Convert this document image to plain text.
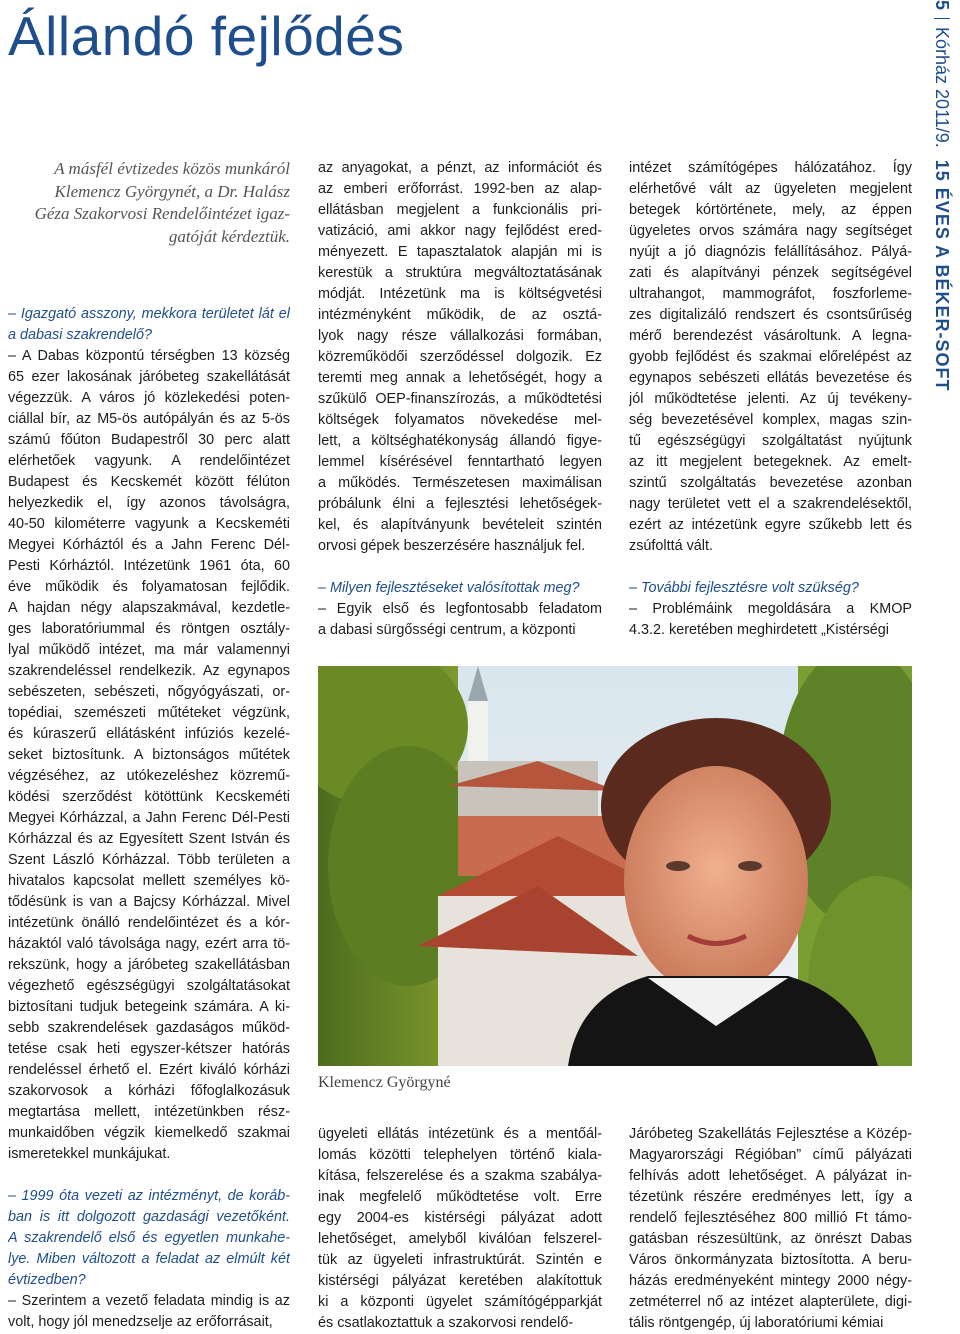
Állandó fejlődés	5Kórház 2011/9.15 ÉVES A BÉKER-SOFT
A másfél évtizedes közös munkáról
Klemencz Györgynét, a Dr. Halász
Géza Szakorvosi Rendelőintézet igaz-
gatóját kérdeztük.
– Igazgató asszony, mekkora területet lát el
a dabasi szakrendelő?
– A Dabas központú térségben 13 község
65 ezer lakosának járóbeteg szakellátását
végezzük. A város jó közlekedési poten-
ciállal bír, az M5-ös autópályán és az 5-ös
számú főúton Budapestről 30 perc alatt
elérhetőek vagyunk. A rendelőintézet
Budapest és Kecskemét között félúton
helyezkedik el, így azonos távolságra,
40-50 kilométerre vagyunk a Kecskeméti
Megyei Kórháztól és a Jahn Ferenc Dél-
Pesti Kórháztól. Intézetünk 1961 óta, 60
éve működik és folyamatosan fejlődik.
A hajdan négy alapszakmával, kezdetle-
ges laboratóriummal és röntgen osztály-
lyal működő intézet, ma már valamennyi
szakrendeléssel rendelkezik. Az egynapos
sebészeten, sebészeti, nőgyógyászati, or-
topédiai, szemészeti műtéteket végzünk,
és kúraszerű ellátásként infúziós kezelé-
seket biztosítunk. A biztonságos műtétek
végzéséhez, az utókezeléshez közremű-
ködési szerződést kötöttünk Kecskeméti
Megyei Kórházzal, a Jahn Ferenc Dél-Pesti
Kórházzal és az Egyesített Szent István és
Szent László Kórházzal. Több területen a
hivatalos kapcsolat mellett személyes kö-
tődésünk is van a Bajcsy Kórházzal. Mivel
intézetünk önálló rendelőintézet és a kór-
házaktól való távolsága nagy, ezért arra tö-
rekszünk, hogy a járóbeteg szakellátásban
végezhető egészségügyi szolgáltatásokat
biztosítani tudjuk betegeink számára. A ki-
sebb szakrendelések gazdaságos működ-
tetése csak heti egyszer-kétszer hatórás
rendeléssel érhető el. Ezért kiváló kórházi
szakorvosok a kórházi főfoglalkozásuk
megtartása mellett, intézetünkben rész-
munkaidőben végzik kiemelkedő szakmai
ismeretekkel munkájukat.
– 1999 óta vezeti az intézményt, de koráb-
ban is itt dolgozott gazdasági vezetőként.
A szakrendelő első és egyetlen munkahe-
lye. Miben változott a feladat az elmúlt két
évtizedben?
– Szerintem a vezető feladata mindig is az
volt, hogy jól menedzselje az erőforrásait,
az anyagokat, a pénzt, az információt és
az emberi erőforrást. 1992-ben az alap-
ellátásban megjelent a funkcionális pri-
vatizáció, ami akkor nagy fejlődést ered-
ményezett. E tapasztalatok alapján mi is
kerestük a struktúra megváltoztatásának
módját. Intézetünk ma is költségvetési
intézményként működik, de az osztá-
lyok nagy része vállalkozási formában,
közreműködői szerződéssel dolgozik. Ez
teremti meg annak a lehetőségét, hogy a
szűkülő OEP-finanszírozás, a működtetési
költségek folyamatos növekedése mel-
lett, a költséghatékonyság állandó figye-
lemmel kísérésével fenntartható legyen
a működés. Természetesen maximálisan
próbálunk élni a fejlesztési lehetőségek-
kel, és alapítványunk bevételeit szintén
orvosi gépek beszerzésére használjuk fel.
– Milyen fejlesztéseket valósítottak meg?
– Egyik első és legfontosabb feladatom
a dabasi sürgősségi centrum, a központi
ügyeleti ellátás intézetünk és a mentőál-
lomás közötti telephelyen történő kiala-
kítása, felszerelése és a szakma szabálya-
inak megfelelő működtetése volt. Erre
egy 2004-es kistérségi pályázat adott
lehetőséget, amelyből kiválóan felszerel-
tük az ügyeleti infrastruktúrát. Szintén e
kistérségi pályázat keretében alakítottuk
ki a központi ügyelet számítógépparkját
és csatlakoztattuk a szakorvosi rendelő-
intézet számítógépes hálózatához. Így
elérhetővé vált az ügyeleten megjelent
betegek kórtörténete, mely, az éppen
ügyeletes orvos számára nagy segítséget
nyújt a jó diagnózis felállításához. Pályá-
zati és alapítványi pénzek segítségével
ultrahangot, mammográfot, foszforleme-
zes digitalizáló rendszert és csontsűrűség
mérő berendezést vásároltunk. A legna-
gyobb fejlődést és szakmai előrelépést az
egynapos sebészeti ellátás bevezetése és
jól működtetése jelenti. Az új tevékeny-
ség bevezetésével komplex, magas szin-
tű egészségügyi szolgáltatást nyújtunk
az itt megjelent betegeknek. Az emelt-
szintű szolgáltatás bevezetése azonban
nagy területet vett el a szakrendelésektől,
ezért az intézetünk egyre szűkebb lett és
zsúfolttá vált.
– További fejlesztésre volt szükség?
– Problémáink megoldására a KMOP
4.3.2. keretében meghirdetett „Kistérségi
Járóbeteg Szakellátás Fejlesztése a Közép-
Magyarországi Régióban” című pályázati
felhívás adott lehetőséget. A pályázat in-
tézetünk részére eredményes lett, így a
rendelő fejlesztéséhez 800 millió Ft támo-
gatásban részesültünk, az önrészt Dabas
Város önkormányzata biztosította. A beru-
házás eredményeként mintegy 2000 négy-
zetméterrel nő az intézet alapterülete, digi-
tális röntgengép, új laboratóriumi kémiai
Klemencz Györgyné
